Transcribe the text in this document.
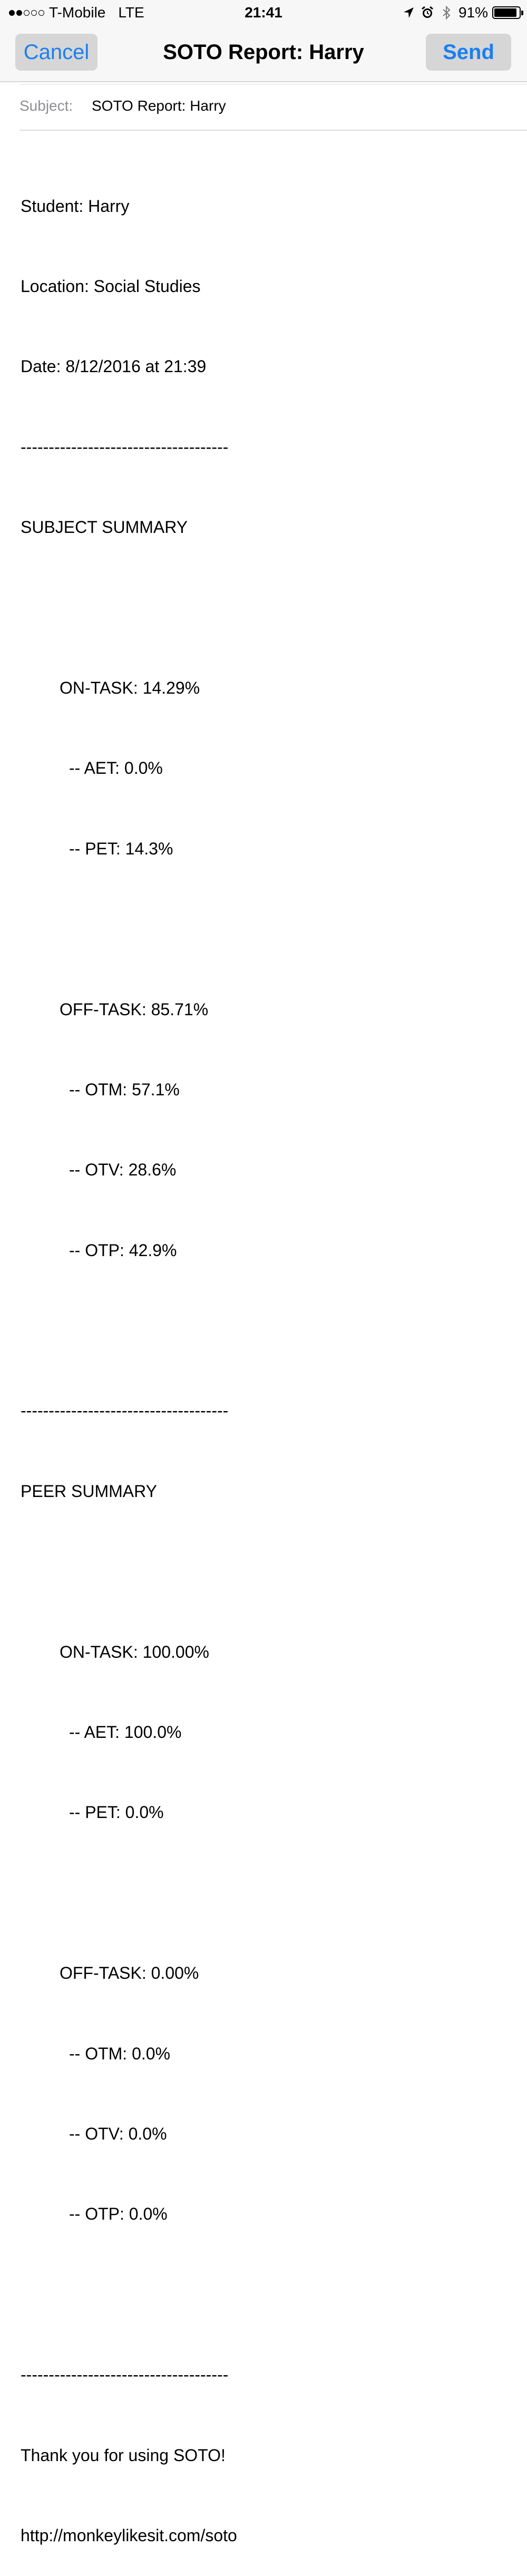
T-Mobile LTE	21:41	91%
Cancel	SOTO Report: Harry	Send
Subject: SOTO Report: Harry

Student: Harry

Location: Social Studies

Date: 8/12/2016 at 21:39

-------------------------------------

SUBJECT SUMMARY

ON-TASK: 14.29%

-- AET: 0.0%

-- PET: 14.3%

OFF-TASK: 85.71%

-- OTM: 57.1%

-- OTV: 28.6%

-- OTP: 42.9%

-------------------------------------

PEER SUMMARY

ON-TASK: 100.00%

-- AET: 100.0%

-- PET: 0.0%

OFF-TASK: 0.00%

-- OTM: 0.0%

-- OTV: 0.0%

-- OTP: 0.0%

-------------------------------------

Thank you for using SOTO!

http://monkeylikesit.com/soto
